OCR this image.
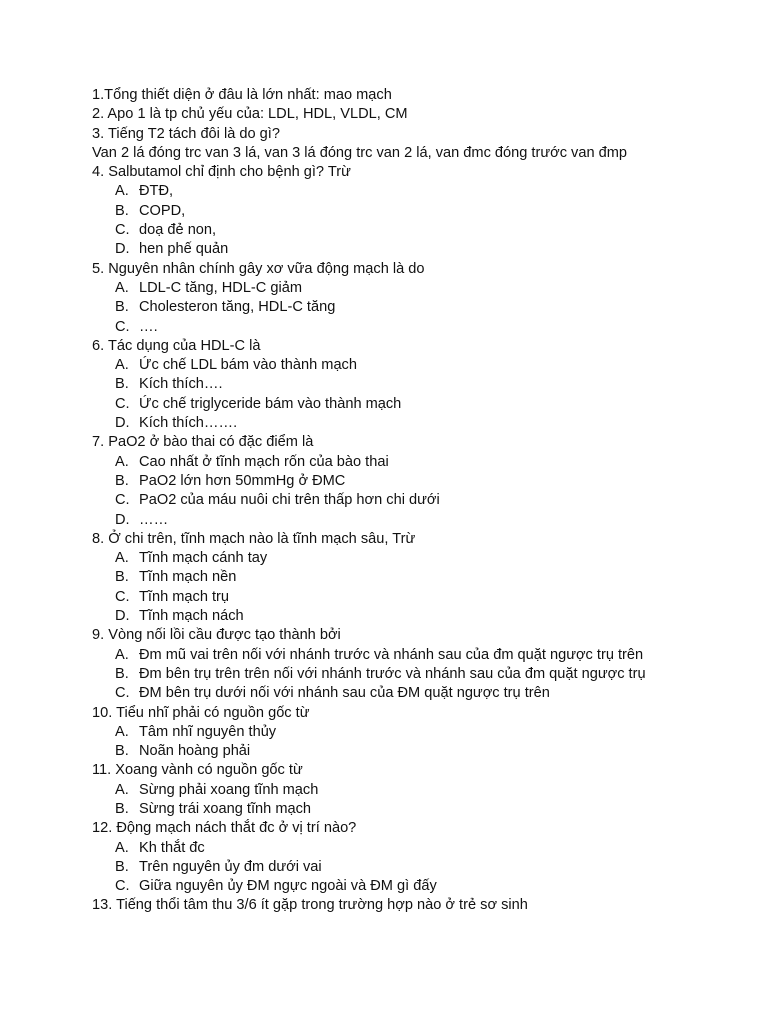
1.Tổng thiết diện ở đâu là lớn nhất: mao mạch
2. Apo 1 là tp chủ yếu của: LDL, HDL, VLDL, CM
3. Tiếng T2 tách đôi là do gì?
Van 2 lá đóng trc van 3 lá, van 3 lá đóng trc van 2 lá, van đmc đóng trước van đmp
4. Salbutamol chỉ định cho bệnh gì? Trừ
A. ĐTĐ,
B. COPD,
C. doạ đẻ non,
D. hen phế quản
5. Nguyên nhân chính gây xơ vữa động mạch là do
A. LDL-C tăng, HDL-C giảm
B. Cholesteron tăng, HDL-C tăng
C. ….
6. Tác dụng của HDL-C là
A. Ức chế LDL bám vào thành mạch
B. Kích thích….
C. Ức chế triglyceride bám vào thành mạch
D. Kích thích…….
7. PaO2 ở bào thai có đặc điểm là
A. Cao nhất ở tĩnh mạch rốn của bào thai
B. PaO2 lớn hơn 50mmHg ở ĐMC
C. PaO2 của máu nuôi chi trên thấp hơn chi dưới
D. ……
8. Ở chi trên, tĩnh mạch nào là tĩnh mạch sâu, Trừ
A. Tĩnh mạch cánh tay
B. Tĩnh mạch nền
C. Tĩnh mạch trụ
D. Tĩnh mạch nách
9. Vòng nối lồi cầu được tạo thành bởi
A. Đm mũ vai trên nối với nhánh trước và nhánh sau của đm quặt ngược trụ trên
B. Đm bên trụ trên trên nối với nhánh trước và nhánh sau của đm quặt ngược trụ
C. ĐM bên trụ dưới nối với nhánh sau của ĐM quặt ngược trụ trên
10. Tiểu nhĩ phải có nguồn gốc từ
A. Tâm nhĩ nguyên thủy
B. Noãn hoàng phải
11. Xoang vành có nguồn gốc từ
A. Sừng phải xoang tĩnh mạch
B. Sừng trái xoang tĩnh mạch
12. Động mạch nách thắt đc ở vị trí nào?
A. Kh thắt đc
B. Trên nguyên ủy đm dưới vai
C. Giữa nguyên ủy ĐM ngực ngoài và ĐM gì đấy
13. Tiếng thổi tâm thu 3/6 ít gặp trong trường hợp nào ở trẻ sơ sinh
